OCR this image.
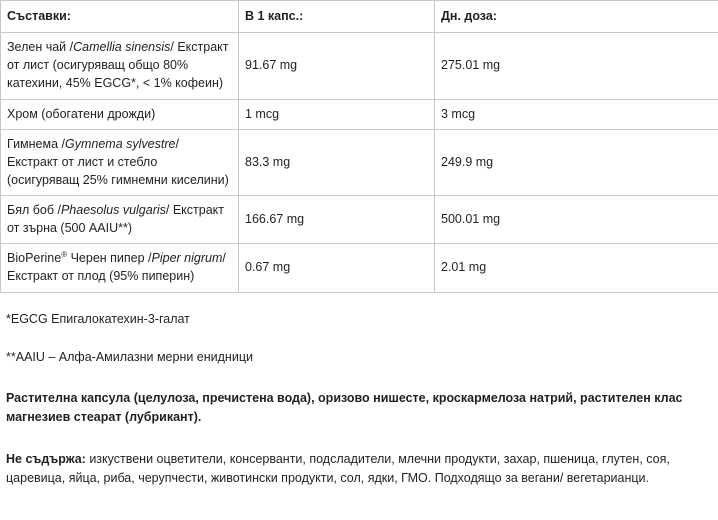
Съставки:	В 1 капс.:	Дн. доза:
Зелен чай /Camellia sinensis/ Екстракт от лист (осигуряващ общо 80% катехини, 45% EGCG*, < 1% кофеин)	91.67 mg	275.01 mg
Хром (обогатени дрожди)	1 mcg	3 mcg
Гимнема /Gymnema sylvestre/ Екстракт от лист и стебло (осигуряващ 25% гимнемни киселини)	83.3 mg	249.9 mg
Бял боб /Phaesolus vulgaris/ Екстракт от зърна (500 AAIU**)	166.67 mg	500.01 mg
BioPerine® Черен пипер /Piper nigrum/ Екстракт от плод (95% пиперин)	0.67 mg	2.01 mg

*EGCG Епигалокатехин-3-галат

**AAIU – Алфа-Амилазни мерни енидници

Растителна капсула (целулоза, пречистена вода), оризово нишесте, кроскармелоза натрий, растителен клас магнезиев стеарат (лубрикант).

Не съдържа: изкуствени оцветители, консерванти, подсладители, млечни продукти, захар, пшеница, глутен, соя, царевица, яйца, риба, черупчести, животински продукти, сол, ядки, ГМО. Подходящо за вегани/ вегетарианци.
